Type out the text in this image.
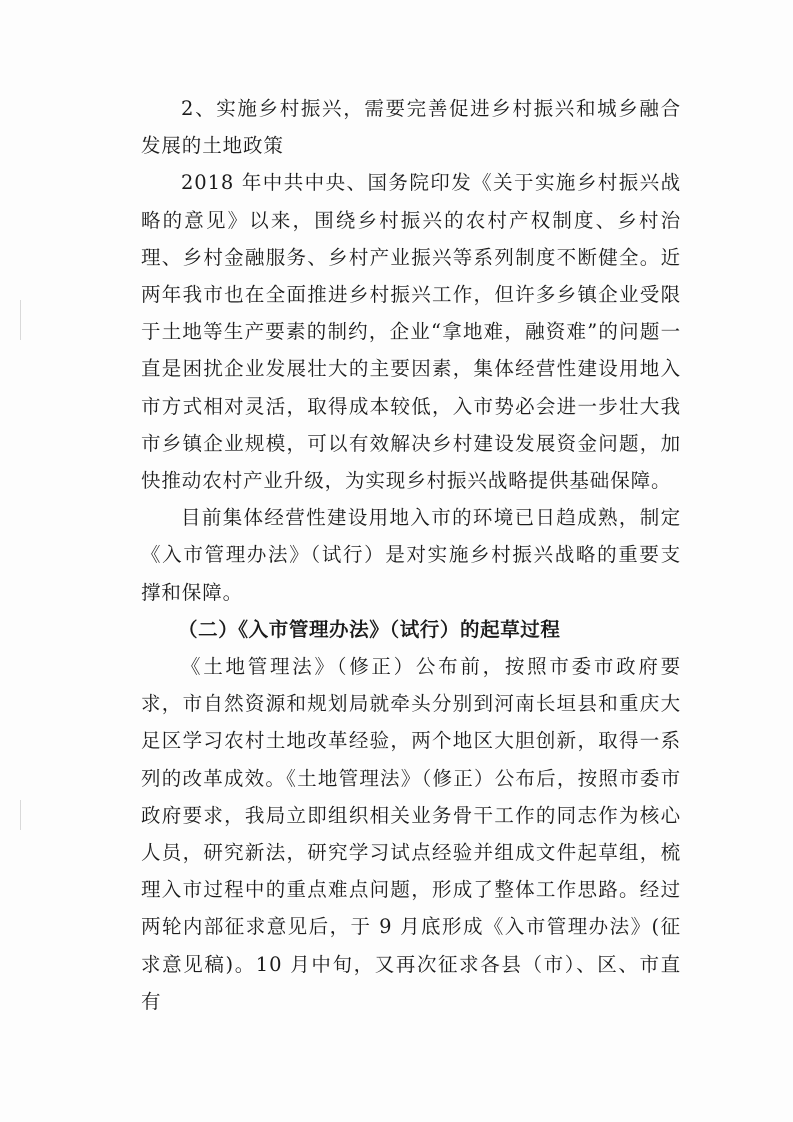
2、实施乡村振兴，需要完善促进乡村振兴和城乡融合发展的土地政策

2018 年中共中央、国务院印发《关于实施乡村振兴战略的意见》以来，围绕乡村振兴的农村产权制度、乡村治理、乡村金融服务、乡村产业振兴等系列制度不断健全。近两年我市也在全面推进乡村振兴工作，但许多乡镇企业受限于土地等生产要素的制约，企业“拿地难，融资难”的问题一直是困扰企业发展壮大的主要因素，集体经营性建设用地入市方式相对灵活，取得成本较低，入市势必会进一步壮大我市乡镇企业规模，可以有效解决乡村建设发展资金问题，加快推动农村产业升级，为实现乡村振兴战略提供基础保障。

目前集体经营性建设用地入市的环境已日趋成熟，制定《入市管理办法》（试行）是对实施乡村振兴战略的重要支撑和保障。

（二）《入市管理办法》（试行）的起草过程

《土地管理法》（修正）公布前，按照市委市政府要求，市自然资源和规划局就牵头分别到河南长垣县和重庆大足区学习农村土地改革经验，两个地区大胆创新，取得一系列的改革成效。《土地管理法》（修正）公布后，按照市委市政府要求，我局立即组织相关业务骨干工作的同志作为核心人员，研究新法，研究学习试点经验并组成文件起草组，梳理入市过程中的重点难点问题，形成了整体工作思路。经过两轮内部征求意见后，于 9 月底形成《入市管理办法》(征求意见稿)。10 月中旬，又再次征求各县（市）、区、市直有
